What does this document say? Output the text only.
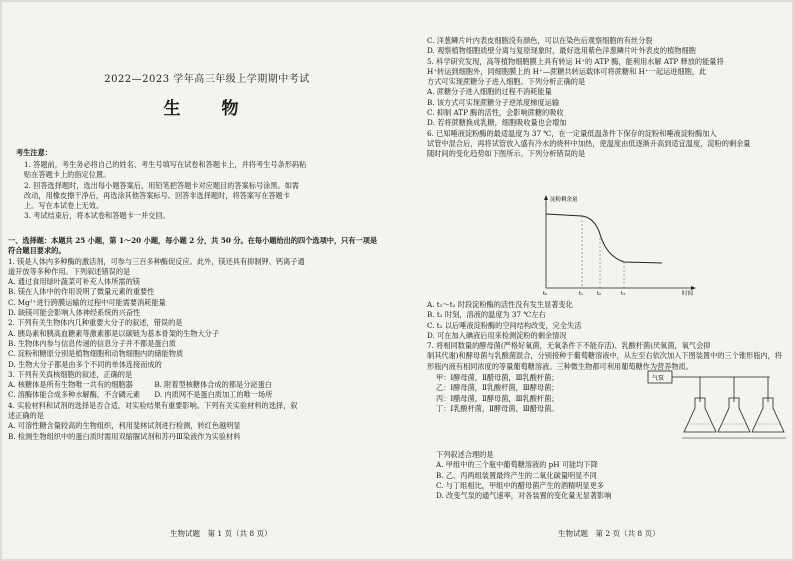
2022—2023 学年高三年级上学期期中考试
生　物
考生注意：

1. 答题前，考生务必将自己的姓名、考生号填写在试卷和答题卡上，并将考生号条形码粘

贴在答题卡上的指定位置。

2. 回答选择题时，选出每小题答案后，用铅笔把答题卡对应题目的答案标号涂黑。如需

改动，用橡皮擦干净后，再选涂其他答案标号。回答非选择题时，将答案写在答题卡

上。写在本试卷上无效。

3. 考试结束后，将本试卷和答题卡一并交回。

一、选择题：本题共 25 小题，第 1～20 小题，每小题 2 分，共 50 分。在每小题给出的四个选项中，只有一项是

符合题目要求的。

1. 镁是人体内多种酶的激活剂，可参与三百多种酶促反应。此外，镁还具有抑制钾、钙离子通

道开放等多种作用。下列叙述错误的是

A. 通过食用绿叶蔬菜可补充人体所需的镁

B. 镁在人体中的作用说明了微量元素的重要性

C. Mg²⁺进行跨膜运输的过程中可能需要消耗能量

D. 缺镁可能会影响人体神经系统的兴奋性

2. 下列有关生物体内几种重要大分子的叙述，错误的是

A. 胰岛素和胰高血糖素等激素都是以碳链为基本骨架的生物大分子

B. 生物体内参与信息传递的信息分子并不都是蛋白质

C. 淀粉和糖原分别是植物细胞和动物细胞内的储能物质

D. 生物大分子都是由多个不同的单体连接而成的

3. 下列有关真核细胞的叙述，正确的是

A. 核糖体是所有生物唯一共有的细胞器　　　B. 附着型核糖体合成的都是分泌蛋白

C. 溶酶体能合成多种水解酶，不含磷元素　　D. 内质网不是蛋白质加工的唯一场所

4. 实验材料和试剂的选择是否合适，对实验结果有重要影响。下列有关实验材料的选择，叙

述正确的是

A. 可溶性糖含量较高的生物组织，利用斐林试剂进行检测，转红色越明显

B. 检测生物组织中的蛋白质时需用双缩脲试剂和苏丹Ⅲ染液作为实验材料

生物试题　第 1 页（共 8 页）

C. 洋葱鳞片叶内表皮细胞没有颜色，可以在染色后观察细胞的有丝分裂

D. 观察植物细胞质壁分离与复原现象时，最好选用紫色洋葱鳞片叶外表皮的植物细胞

5. 科学研究发现，高等植物细胞膜上具有转运 H⁺的 ATP 酶，能利用水解 ATP 释放的能量将

H⁺转运到细胞外，同细胞膜上的 H⁺—蔗糖共转运载体可将蔗糖和 H⁺一起运进细胞，此

方式可实现蔗糖分子进入细胞。下列分析正确的是

A. 蔗糖分子进入细胞的过程不消耗能量

B. 该方式可实现蔗糖分子逆浓度梯度运输

C. 抑制 ATP 酶的活性，会影响蔗糖的吸收

D. 若将蔗糖换成乳糖，细胞吸收量也会增加

6. 已知唾液淀粉酶的最适温度为 37 ℃，在一定量低温条件下保存的淀粉和唾液淀粉酶加入

试管中混合后，再将试管放入盛有冷水的烧杯中加热，使温度由低逐渐升高到适宜温度，淀粉的剩余量

随时间的变化趋势如下图所示。下列分析错误的是

淀粉剩余量
时间
t₀	t₁	t₂	t₃

A. t₁～t₂ 时段淀粉酶的活性没有发生显著变化

B. t₂ 时刻，溶液的温度为 37 ℃左右

C. t₂ 以后唾液淀粉酶的空间结构改变，完全失活

D. 可在加入碘液后用来检测淀粉的剩余情况

7. 将相同数量的酵母菌(严格好氧菌，无氧条件下不能存活)、乳酸杆菌(厌氧菌，氧气会抑

制其代谢)和酵母菌与乳酸菌混合，分别接种于葡萄糖溶液中，从左至右依次加入下图装置中的三个锥形瓶内，将

形瓶内液有相同浓度的等量葡萄糖溶液。三种微生物都可利用葡萄糖作为营养物质。

甲：Ⅰ酵母菌，Ⅱ醋母菌，Ⅲ乳酸杆菌；

乙：Ⅰ酵母菌，Ⅱ乳酸杆菌，Ⅲ酵母菌；

丙：Ⅰ醋母菌，Ⅱ酵母菌，Ⅲ乳酸杆菌；

丁：Ⅰ乳酸杆菌，Ⅱ酵母菌，Ⅲ醋母菌。

下列叙述合理的是

A. 甲组中的三个瓶中葡萄糖溶液的 pH 可能均下降

B. 乙、丙两组装置最终产生的二氧化碳量明显不同

C. 与丁组相比，甲组中的醋母菌产生的酒精明显更多

D. 改变气泵的通气速率，对各装置的变化量无显著影响

气泵
生物试题　第 2 页（共 8 页）
